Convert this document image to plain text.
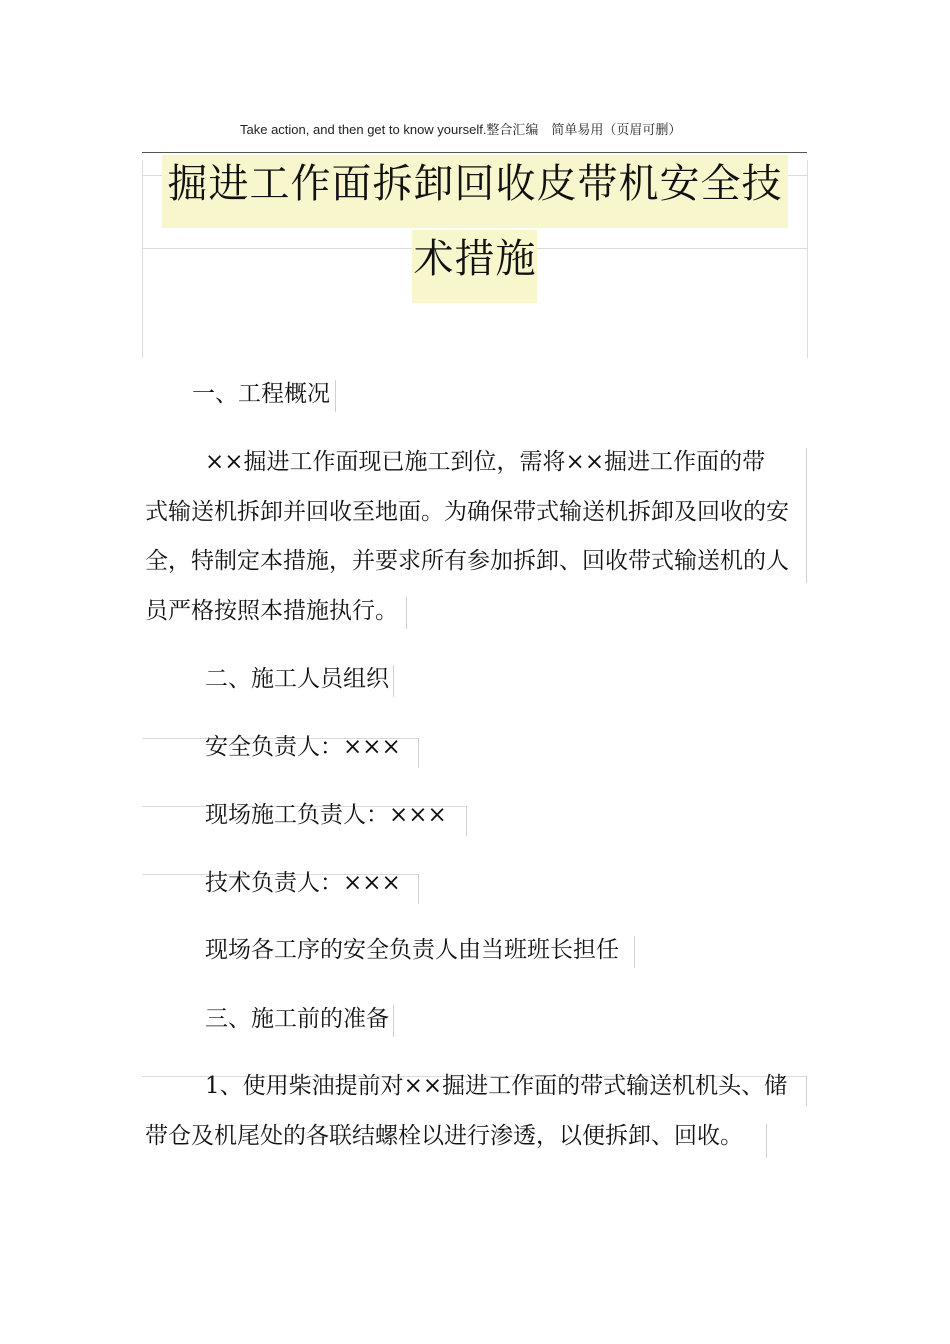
Take action, and then get to know yourself.整合汇编　简单易用（页眉可删）
掘进工作面拆卸回收皮带机安全技
术措施
一、工程概况
××掘进工作面现已施工到位，需将××掘进工作面的带
式输送机拆卸并回收至地面。为确保带式输送机拆卸及回收的安
全，特制定本措施，并要求所有参加拆卸、回收带式输送机的人
员严格按照本措施执行。
二、施工人员组织
安全负责人：×××
现场施工负责人：×××
技术负责人：×××
现场各工序的安全负责人由当班班长担任
三、施工前的准备
1、使用柴油提前对××掘进工作面的带式输送机机头、储
带仓及机尾处的各联结螺栓以进行渗透，以便拆卸、回收。
